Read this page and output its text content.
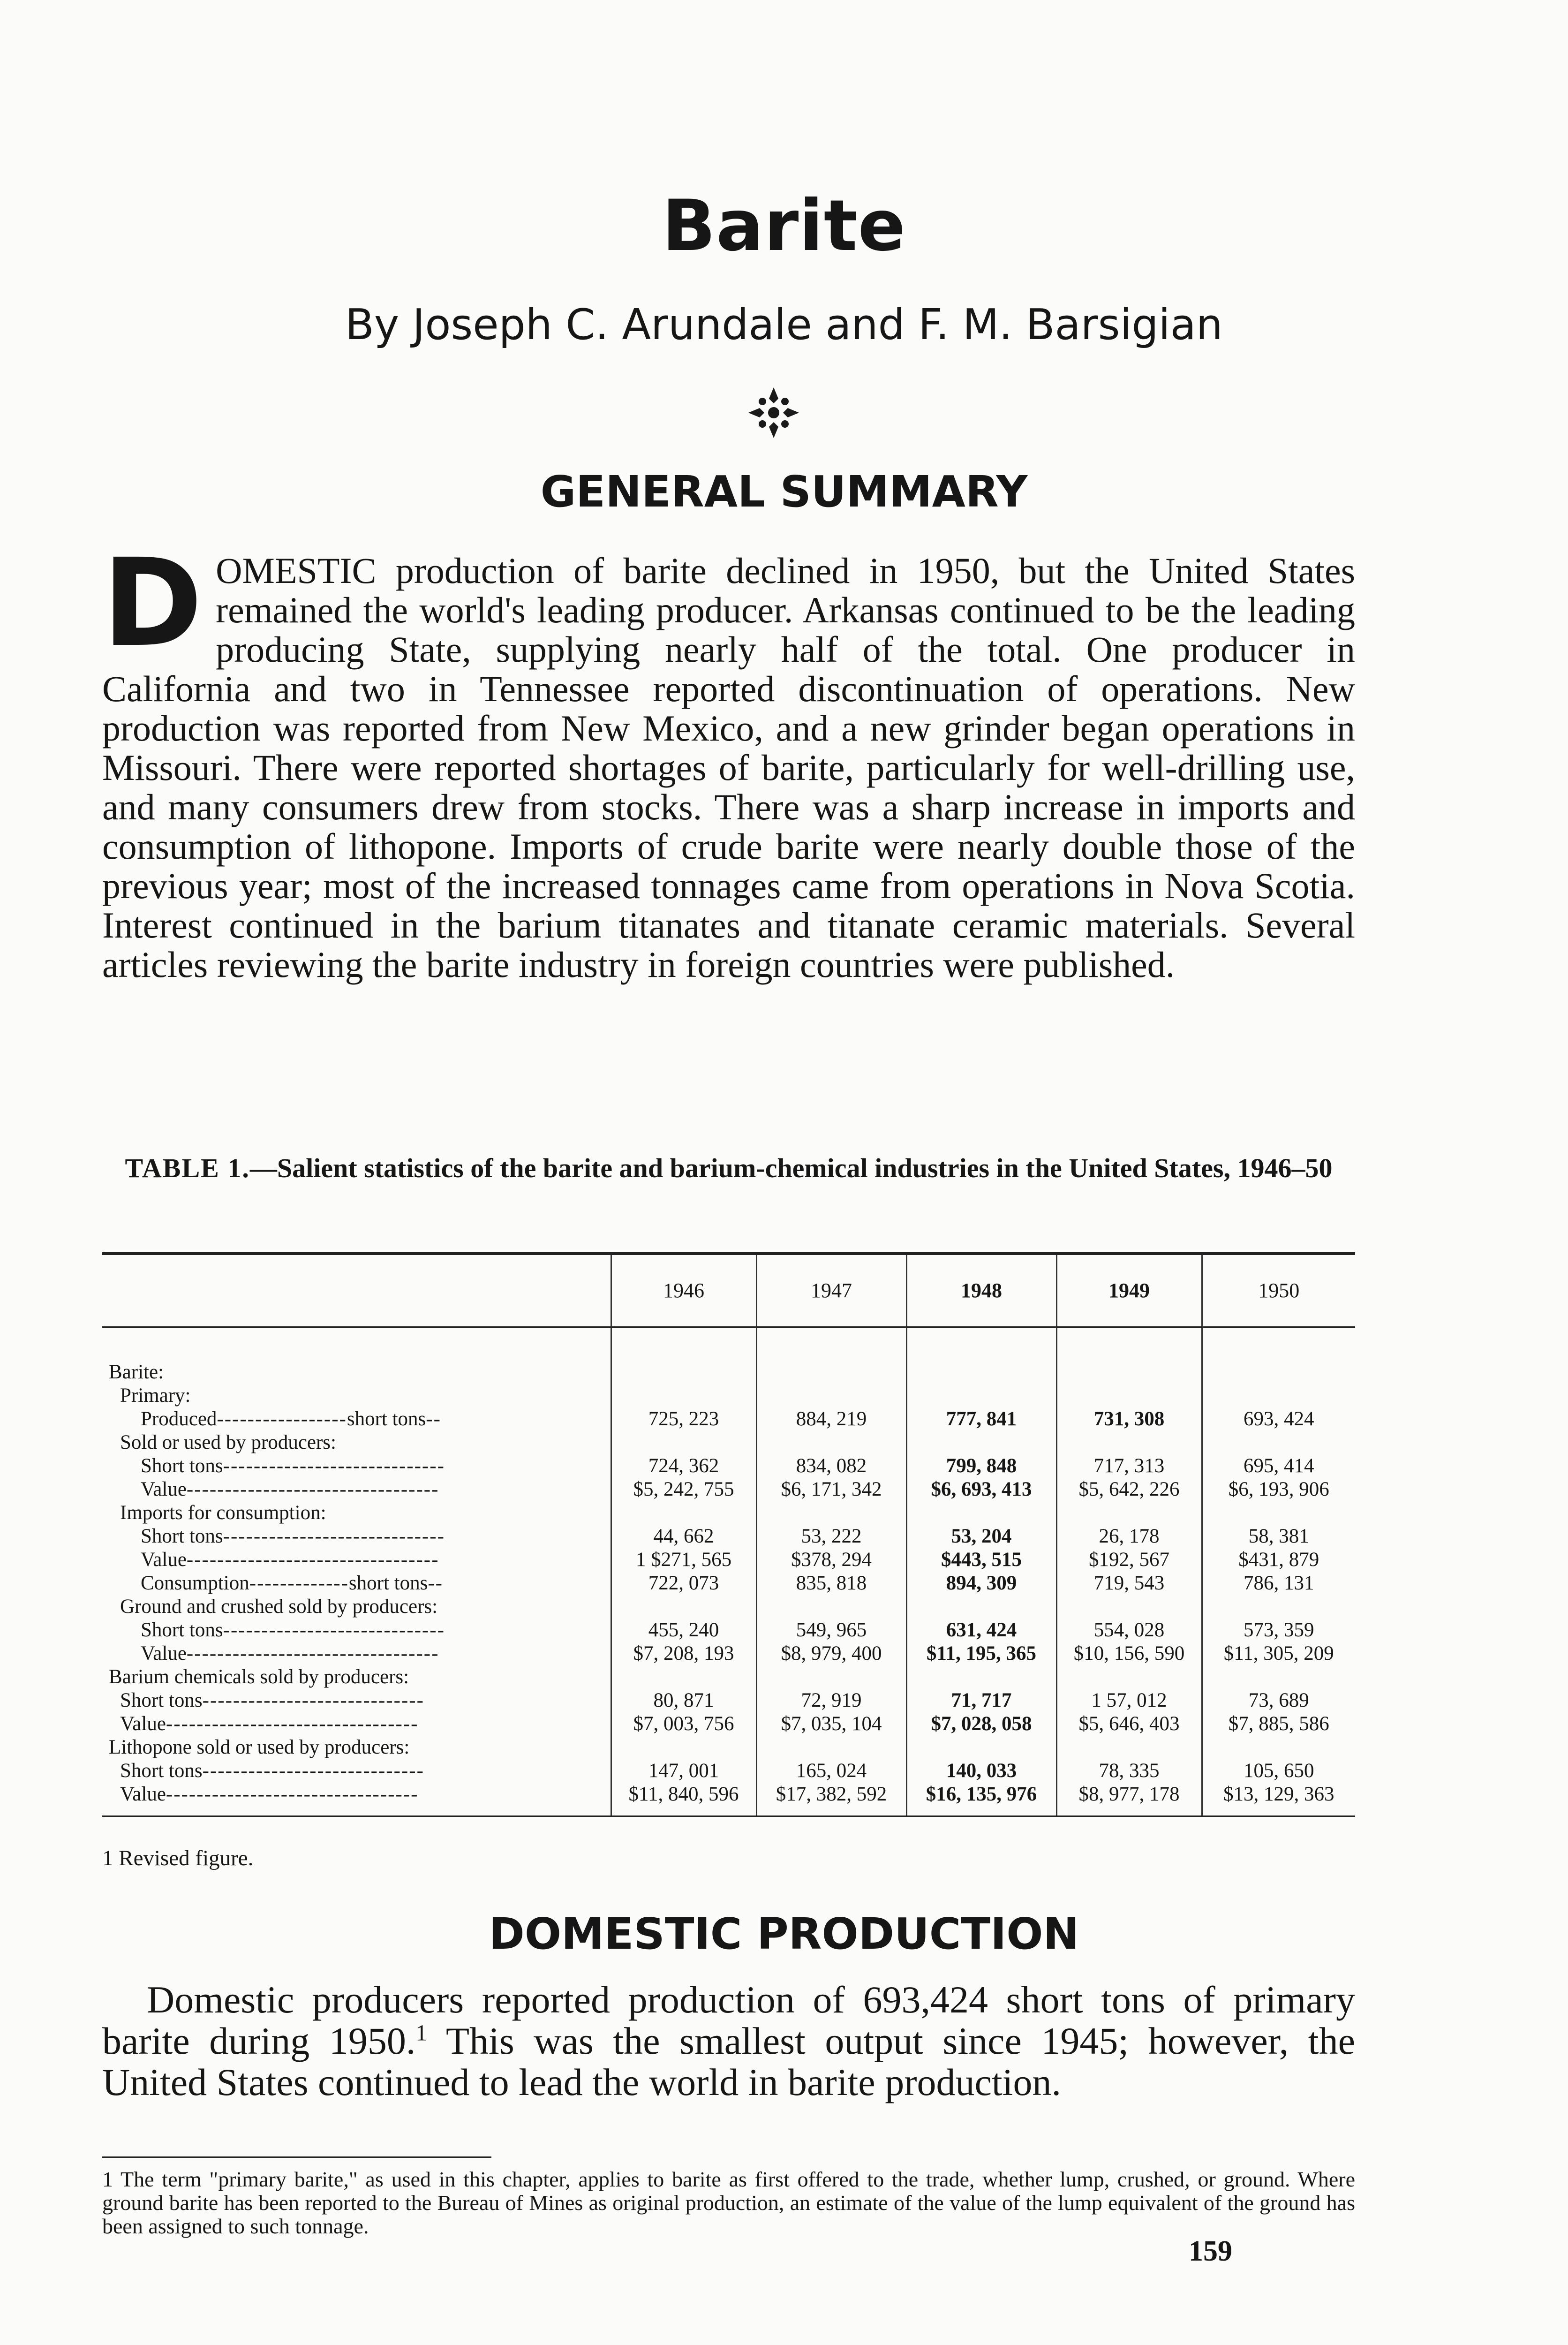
Barite
By Joseph C. Arundale and F. M. Barsigian
GENERAL SUMMARY
DOMESTIC production of barite declined in 1950, but the United States remained the world's leading producer. Arkansas continued to be the leading producing State, supplying nearly half of the total. One producer in California and two in Tennessee reported discontinuation of operations. New production was reported from New Mexico, and a new grinder began operations in Missouri. There were reported shortages of barite, particularly for well-drilling use, and many consumers drew from stocks. There was a sharp increase in imports and consumption of lithopone. Imports of crude barite were nearly double those of the previous year; most of the increased tonnages came from operations in Nova Scotia. Interest continued in the barium titanates and titanate ceramic materials. Several articles reviewing the barite industry in foreign countries were published.
TABLE 1.—Salient statistics of the barite and barium-chemical industries in the United States, 1946–50
	1946	1947	1948	1949	1950

Barite:					
Primary:					
Produced-----------------short tons--	725, 223	884, 219	777, 841	731, 308	693, 424
Sold or used by producers:					
Short tons-----------------------------	724, 362	834, 082	799, 848	717, 313	695, 414
Value---------------------------------	$5, 242, 755	$6, 171, 342	$6, 693, 413	$5, 642, 226	$6, 193, 906
Imports for consumption:					
Short tons-----------------------------	44, 662	53, 222	53, 204	26, 178	58, 381
Value---------------------------------	1 $271, 565	$378, 294	$443, 515	$192, 567	$431, 879
Consumption-------------short tons--	722, 073	835, 818	894, 309	719, 543	786, 131
Ground and crushed sold by producers:					
Short tons-----------------------------	455, 240	549, 965	631, 424	554, 028	573, 359
Value---------------------------------	$7, 208, 193	$8, 979, 400	$11, 195, 365	$10, 156, 590	$11, 305, 209
Barium chemicals sold by producers:					
Short tons-----------------------------	80, 871	72, 919	71, 717	1 57, 012	73, 689
Value---------------------------------	$7, 003, 756	$7, 035, 104	$7, 028, 058	$5, 646, 403	$7, 885, 586
Lithopone sold or used by producers:					
Short tons-----------------------------	147, 001	165, 024	140, 033	78, 335	105, 650
Value---------------------------------	$11, 840, 596	$17, 382, 592	$16, 135, 976	$8, 977, 178	$13, 129, 363
1 Revised figure.
DOMESTIC PRODUCTION
Domestic producers reported production of 693,424 short tons of primary barite during 1950.$^1$ This was the smallest output since 1945; however, the United States continued to lead the world in barite production.
1 The term "primary barite," as used in this chapter, applies to barite as first offered to the trade, whether lump, crushed, or ground. Where ground barite has been reported to the Bureau of Mines as original production, an estimate of the value of the lump equivalent of the ground has been assigned to such tonnage.
159
